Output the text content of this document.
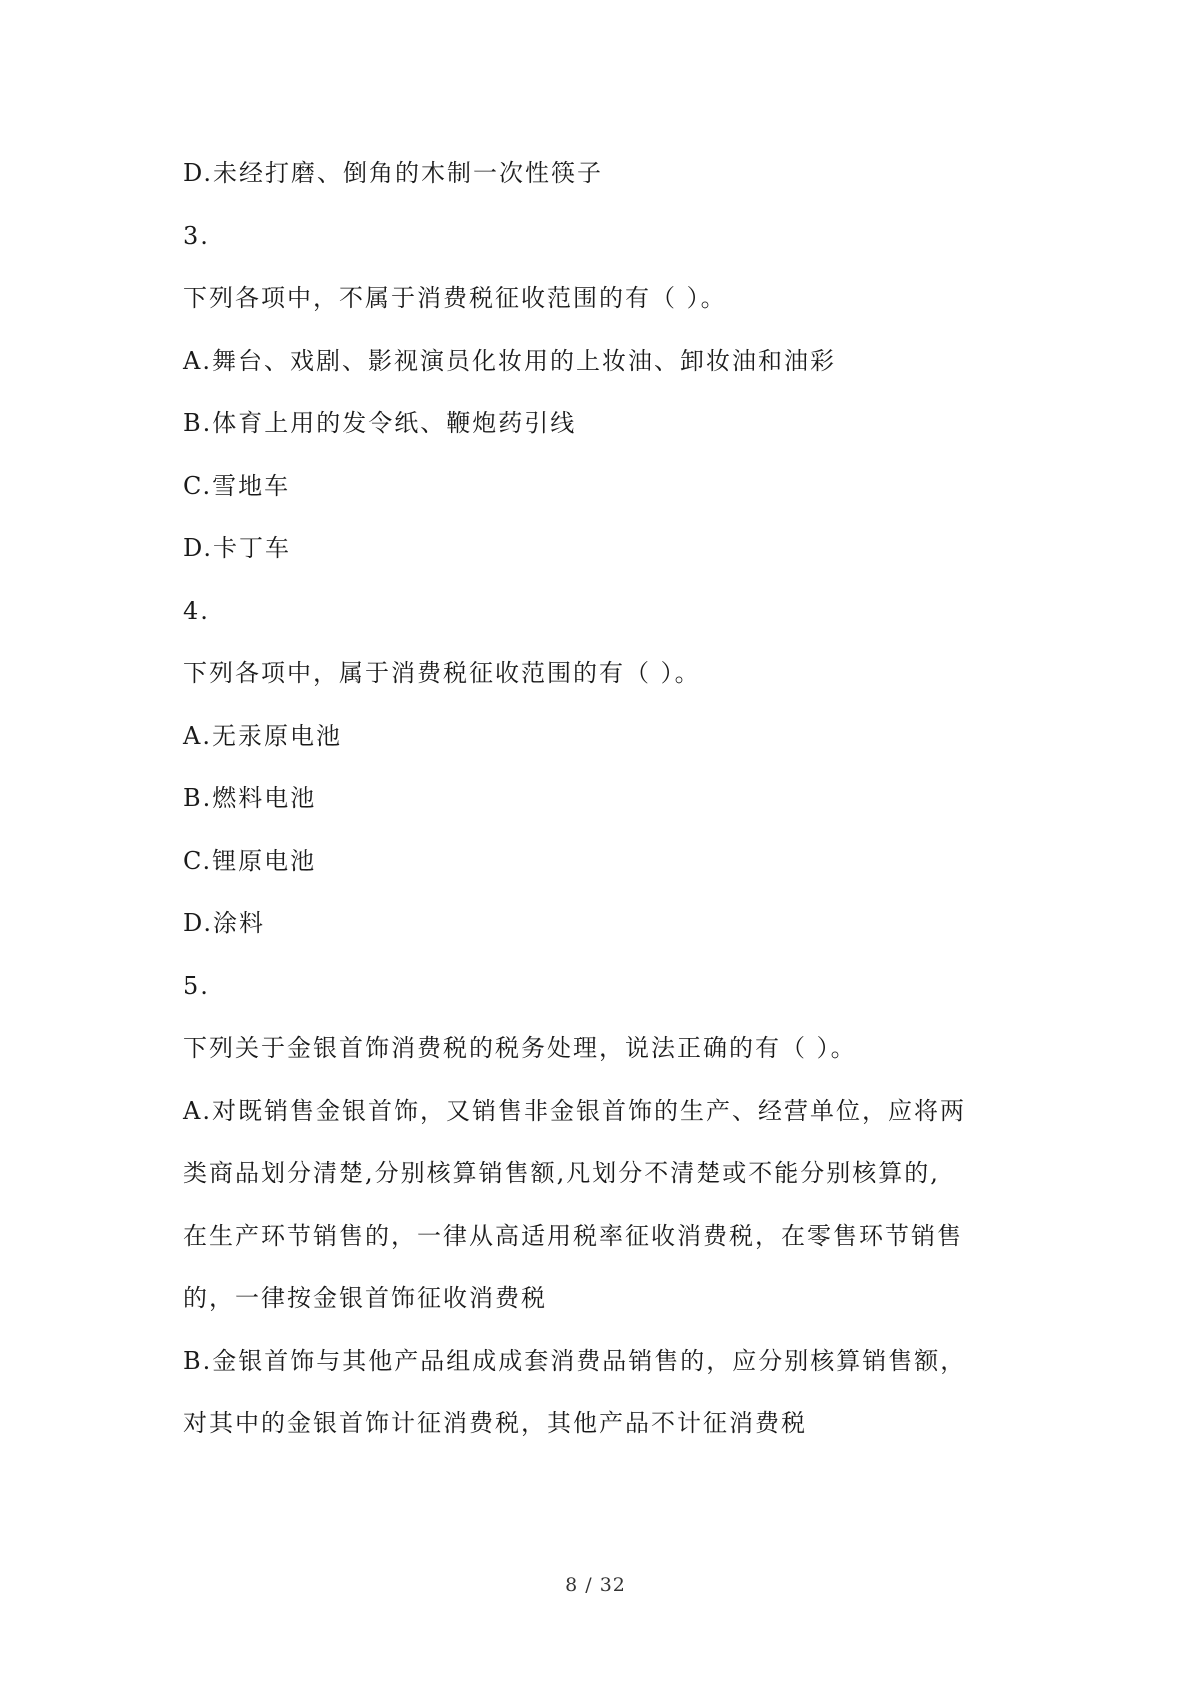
D.未经打磨、倒角的木制一次性筷子
3.
下列各项中，不属于消费税征收范围的有（ ）。
A.舞台、戏剧、影视演员化妆用的上妆油、卸妆油和油彩
B.体育上用的发令纸、鞭炮药引线
C.雪地车
D.卡丁车
4.
下列各项中，属于消费税征收范围的有（ ）。
A.无汞原电池
B.燃料电池
C.锂原电池
D.涂料
5.
下列关于金银首饰消费税的税务处理，说法正确的有（ ）。
A.对既销售金银首饰，又销售非金银首饰的生产、经营单位，应将两
类商品划分清楚,分别核算销售额,凡划分不清楚或不能分别核算的,
在生产环节销售的，一律从高适用税率征收消费税，在零售环节销售
的，一律按金银首饰征收消费税
B.金银首饰与其他产品组成成套消费品销售的，应分别核算销售额，
对其中的金银首饰计征消费税，其他产品不计征消费税
8 / 32
